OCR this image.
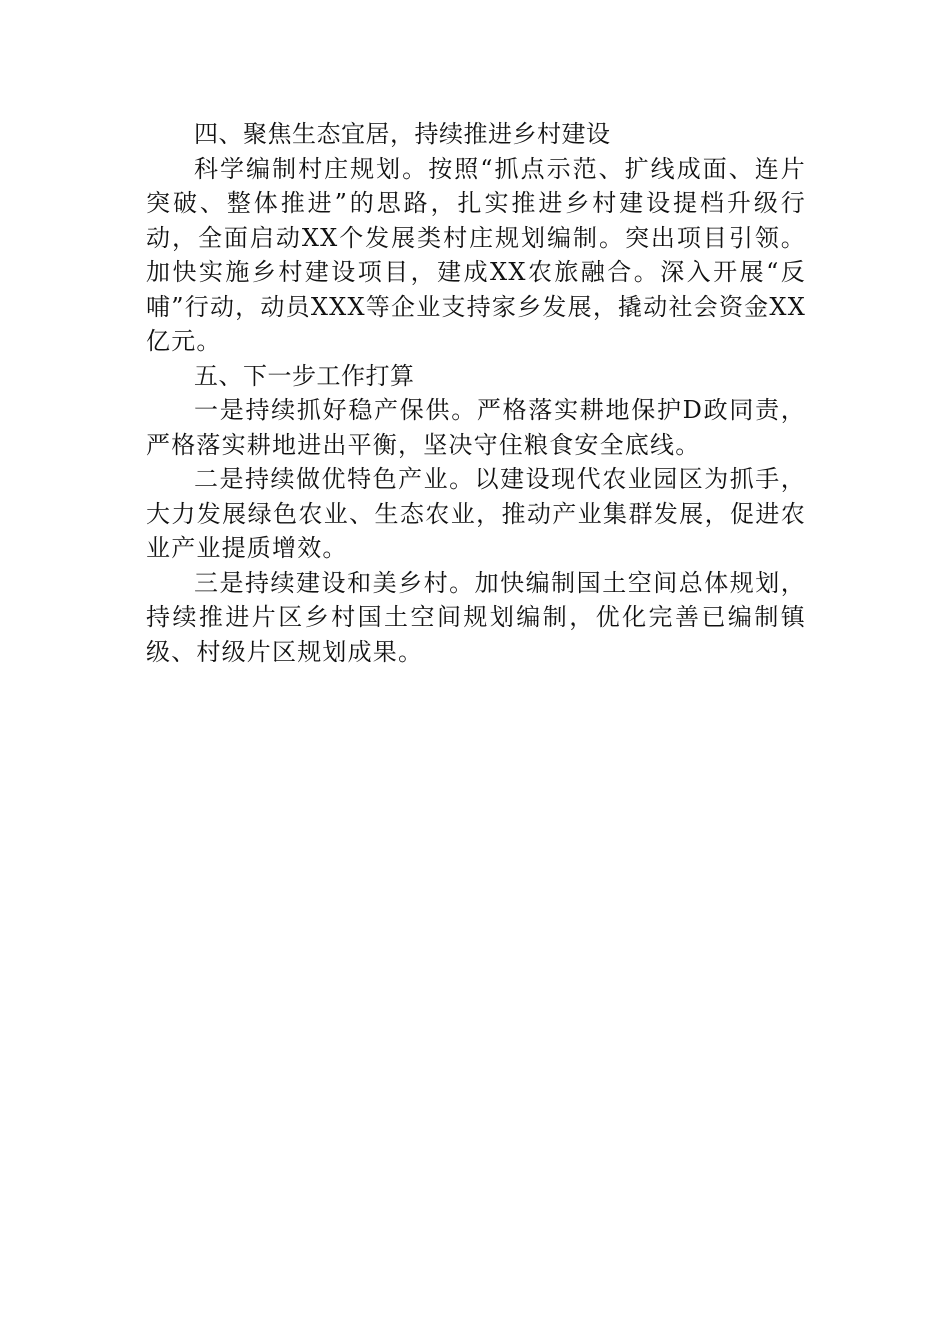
四、聚焦生态宜居，持续推进乡村建设

科学编制村庄规划。按照“抓点示范、扩线成面、连片突破、整体推进”的思路，扎实推进乡村建设提档升级行动，全面启动XX个发展类村庄规划编制。突出项目引领。加快实施乡村建设项目，建成XX农旅融合。深入开展“反哺”行动，动员XXX等企业支持家乡发展，撬动社会资金XX亿元。

五、下一步工作打算

一是持续抓好稳产保供。严格落实耕地保护D政同责，严格落实耕地进出平衡，坚决守住粮食安全底线。

二是持续做优特色产业。以建设现代农业园区为抓手，大力发展绿色农业、生态农业，推动产业集群发展，促进农业产业提质增效。

三是持续建设和美乡村。加快编制国土空间总体规划，持续推进片区乡村国土空间规划编制，优化完善已编制镇级、村级片区规划成果。
